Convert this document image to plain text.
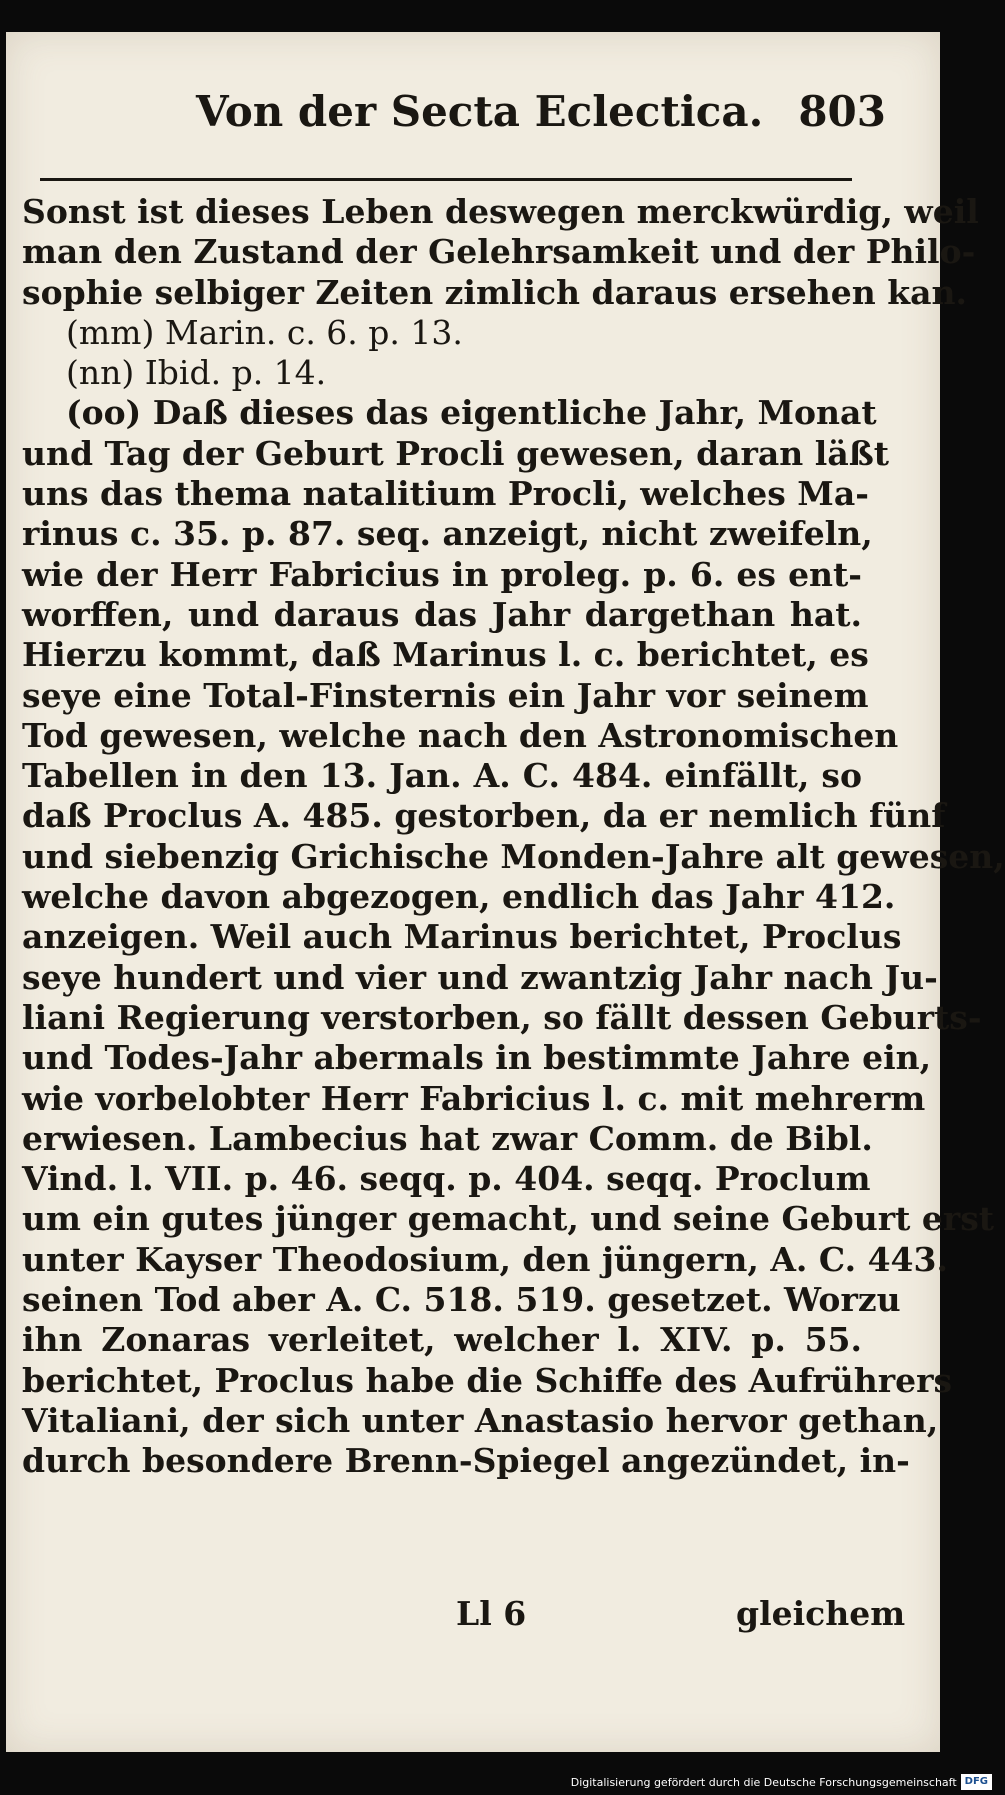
Von der Secta Eclectica. 803
Sonst ist dieses Leben deswegen merckwürdig, weil
man den Zustand der Gelehrsamkeit und der Philo-
sophie selbiger Zeiten zimlich daraus ersehen kan.
(mm) Marin. c. 6. p. 13.
(nn) Ibid. p. 14.
(oo) Daß dieses das eigentliche Jahr, Monat
und Tag der Geburt Procli gewesen, daran läßt
uns das thema natalitium Procli, welches Ma-
rinus c. 35. p. 87. seq. anzeigt, nicht zweifeln,
wie der Herr Fabricius in proleg. p. 6. es ent-
worffen, und daraus das Jahr dargethan hat.
Hierzu kommt, daß Marinus l. c. berichtet, es
seye eine Total-Finsternis ein Jahr vor seinem
Tod gewesen, welche nach den Astronomischen
Tabellen in den 13. Jan. A. C. 484. einfällt, so
daß Proclus A. 485. gestorben, da er nemlich fünf
und siebenzig Grichische Monden-Jahre alt gewesen,
welche davon abgezogen, endlich das Jahr 412.
anzeigen. Weil auch Marinus berichtet, Proclus
seye hundert und vier und zwantzig Jahr nach Ju-
liani Regierung verstorben, so fällt dessen Geburts-
und Todes-Jahr abermals in bestimmte Jahre ein,
wie vorbelobter Herr Fabricius l. c. mit mehrerm
erwiesen. Lambecius hat zwar Comm. de Bibl.
Vind. l. VII. p. 46. seqq. p. 404. seqq. Proclum
um ein gutes jünger gemacht, und seine Geburt erst
unter Kayser Theodosium, den jüngern, A. C. 443.
seinen Tod aber A. C. 518. 519. gesetzet. Worzu
ihn Zonaras verleitet, welcher l. XIV. p. 55.
berichtet, Proclus habe die Schiffe des Aufrührers
Vitaliani, der sich unter Anastasio hervor gethan,
durch besondere Brenn-Spiegel angezündet, in-
Ll 6	gleichem
Digitalisierung gefördert durch die Deutsche Forschungsgemeinschaft DFG
